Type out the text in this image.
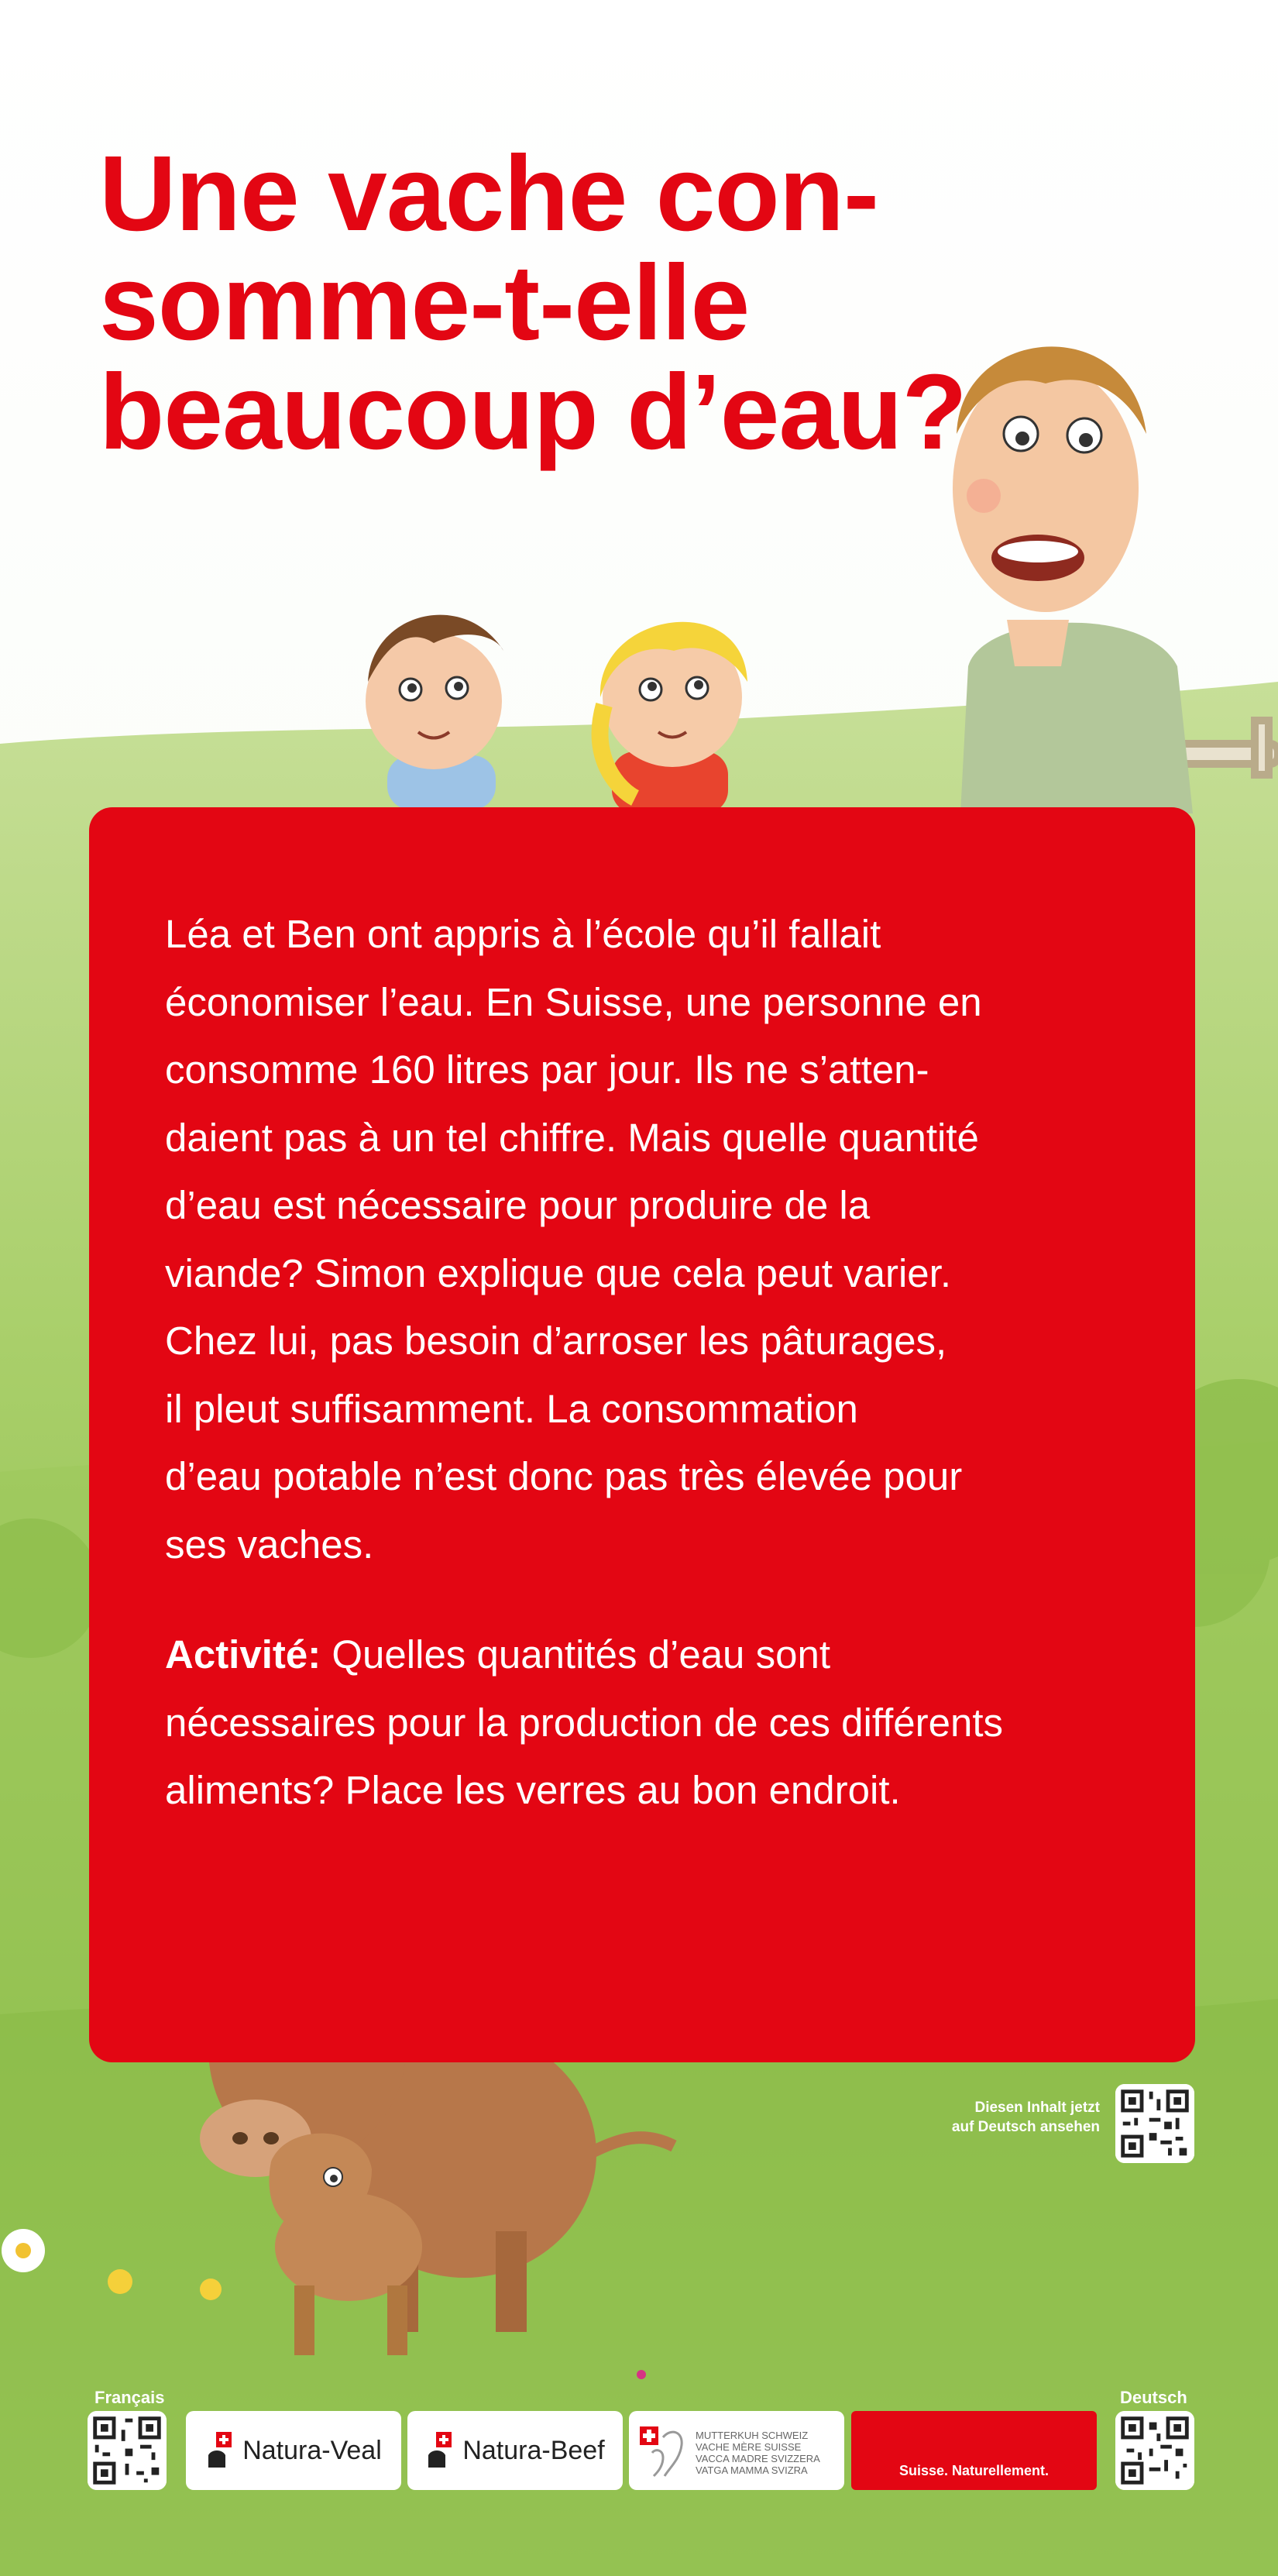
Une vache con-
somme-t-elle
beaucoup d’eau?

Léa et Ben ont appris à l’école qu’il fallait
économiser l’eau. En Suisse, une personne en
consomme 160 litres par jour. Ils ne s’atten-
daient pas à un tel chiffre. Mais quelle quantité
d’eau est nécessaire pour produire de la
viande? Simon explique que cela peut varier.
Chez lui, pas besoin d’arroser les pâturages,
il pleut suffisamment. La consommation
d’eau potable n’est donc pas très élevée pour
ses vaches.

Activité: Quelles quantités d’eau sont
nécessaires pour la production de ces différents
aliments? Place les verres au bon endroit.

Diesen Inhalt jetzt
auf Deutsch ansehen
Français	Deutsch
Natura-Veal	Natura-Beef	MUTTERKUH SCHWEIZ
VACHE MÈRE SUISSE
VACCA MADRE SVIZZERA
VATGA MAMMA SVIZRA	Suisse. Naturellement.
